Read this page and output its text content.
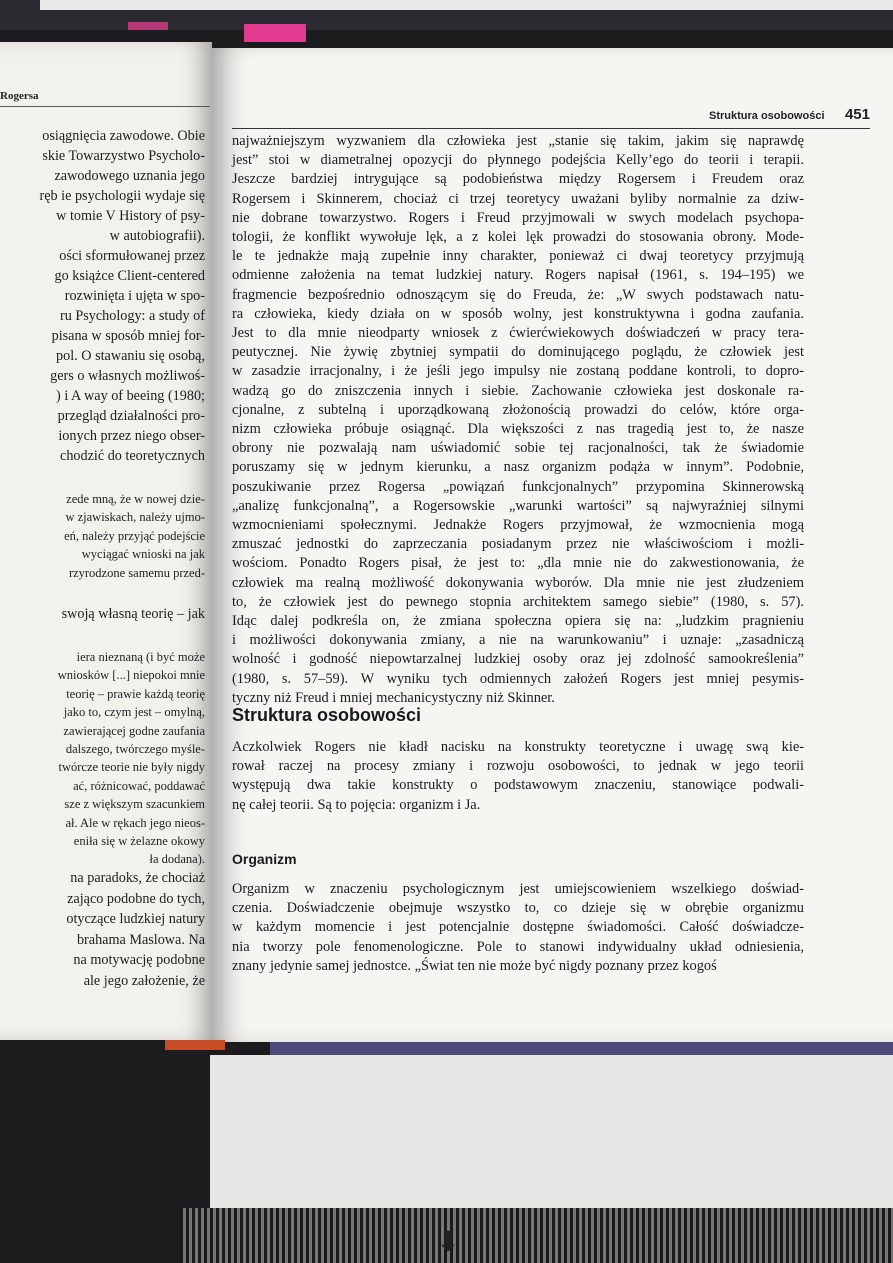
Rogersa
osiągnięcia zawodowe. Obie
skie Towarzystwo Psycholo-
zawodowego uznania jego
ręb ie psychologii wydaje się
w tomie V History of psy-
w autobiografii).
ości sformułowanej przez
go książce Client-centered
rozwinięta i ujęta w spo-
ru Psychology: a study of
pisana w sposób mniej for-
pol. O stawaniu się osobą,
gers o własnych możliwoś-
) i A way of beeing (1980;
przegląd działalności pro-
ionych przez niego obser-
chodzić do teoretycznych
zede mną, że w nowej dzie-
w zjawiskach, należy ujmo-
eń, należy przyjąć podejście
wyciągać wnioski na jak
rzyrodzone samemu przed-
swoją własną teorię – jak
iera nieznaną (i być może
wniosków [...] niepokoi mnie
teorię – prawie każdą teorię
jako to, czym jest – omylną,
zawierającej godne zaufania
dalszego, twórczego myśle-
twórcze teorie nie były nigdy
ać, różnicować, poddawać
sze z większym szacunkiem
ał. Ale w rękach jego nieos-
eniła się w żelazne okowy
ła dodana).
na paradoks, że chociaż
zająco podobne do tych,
otyczące ludzkiej natury
brahama Maslowa. Na
na motywację podobne
ale jego założenie, że
Struktura osobowości 451
najważniejszym wyzwaniem dla człowieka jest „stanie się takim, jakim się naprawdę
jest” stoi w diametralnej opozycji do płynnego podejścia Kelly’ego do teorii i terapii.
Jeszcze bardziej intrygujące są podobieństwa między Rogersem i Freudem oraz
Rogersem i Skinnerem, chociaż ci trzej teoretycy uważani byliby normalnie za dziw-
nie dobrane towarzystwo. Rogers i Freud przyjmowali w swych modelach psychopa-
tologii, że konflikt wywołuje lęk, a z kolei lęk prowadzi do stosowania obrony. Mode-
le te jednakże mają zupełnie inny charakter, ponieważ ci dwaj teoretycy przyjmują
odmienne założenia na temat ludzkiej natury. Rogers napisał (1961, s. 194–195) we
fragmencie bezpośrednio odnoszącym się do Freuda, że: „W swych podstawach natu-
ra człowieka, kiedy działa on w sposób wolny, jest konstruktywna i godna zaufania.
Jest to dla mnie nieodparty wniosek z ćwierćwiekowych doświadczeń w pracy tera-
peutycznej. Nie żywię zbytniej sympatii do dominującego poglądu, że człowiek jest
w zasadzie irracjonalny, i że jeśli jego impulsy nie zostaną poddane kontroli, to dopro-
wadzą go do zniszczenia innych i siebie. Zachowanie człowieka jest doskonale ra-
cjonalne, z subtelną i uporządkowaną złożonością prowadzi do celów, które orga-
nizm człowieka próbuje osiągnąć. Dla większości z nas tragedią jest to, że nasze
obrony nie pozwalają nam uświadomić sobie tej racjonalności, tak że świadomie
poruszamy się w jednym kierunku, a nasz organizm podąża w innym”. Podobnie,
poszukiwanie przez Rogersa „powiązań funkcjonalnych” przypomina Skinnerowską
„analizę funkcjonalną”, a Rogersowskie „warunki wartości” są najwyraźniej silnymi
wzmocnieniami społecznymi. Jednakże Rogers przyjmował, że wzmocnienia mogą
zmuszać jednostki do zaprzeczania posiadanym przez nie właściwościom i możli-
wościom. Ponadto Rogers pisał, że jest to: „dla mnie nie do zakwestionowania, że
człowiek ma realną możliwość dokonywania wyborów. Dla mnie nie jest złudzeniem
to, że człowiek jest do pewnego stopnia architektem samego siebie” (1980, s. 57).
Idąc dalej podkreśla on, że zmiana społeczna opiera się na: „ludzkim pragnieniu
i możliwości dokonywania zmiany, a nie na warunkowaniu” i uznaje: „zasadniczą
wolność i godność niepowtarzalnej ludzkiej osoby oraz jej zdolność samookreślenia”
(1980, s. 57–59). W wyniku tych odmiennych założeń Rogers jest mniej pesymis-
tyczny niż Freud i mniej mechanicystyczny niż Skinner.
Struktura osobowości
Aczkolwiek Rogers nie kładł nacisku na konstrukty teoretyczne i uwagę swą kie-
rował raczej na procesy zmiany i rozwoju osobowości, to jednak w jego teorii
występują dwa takie konstrukty o podstawowym znaczeniu, stanowiące podwali-
nę całej teorii. Są to pojęcia: organizm i Ja.
Organizm
Organizm w znaczeniu psychologicznym jest umiejscowieniem wszelkiego doświad-
czenia. Doświadczenie obejmuje wszystko to, co dzieje się w obrębie organizmu
w każdym momencie i jest potencjalnie dostępne świadomości. Całość doświadcze-
nia tworzy pole fenomenologiczne. Pole to stanowi indywidualny układ odniesienia,
znany jedynie samej jednostce. „Świat ten nie może być nigdy poznany przez kogoś
⬇
